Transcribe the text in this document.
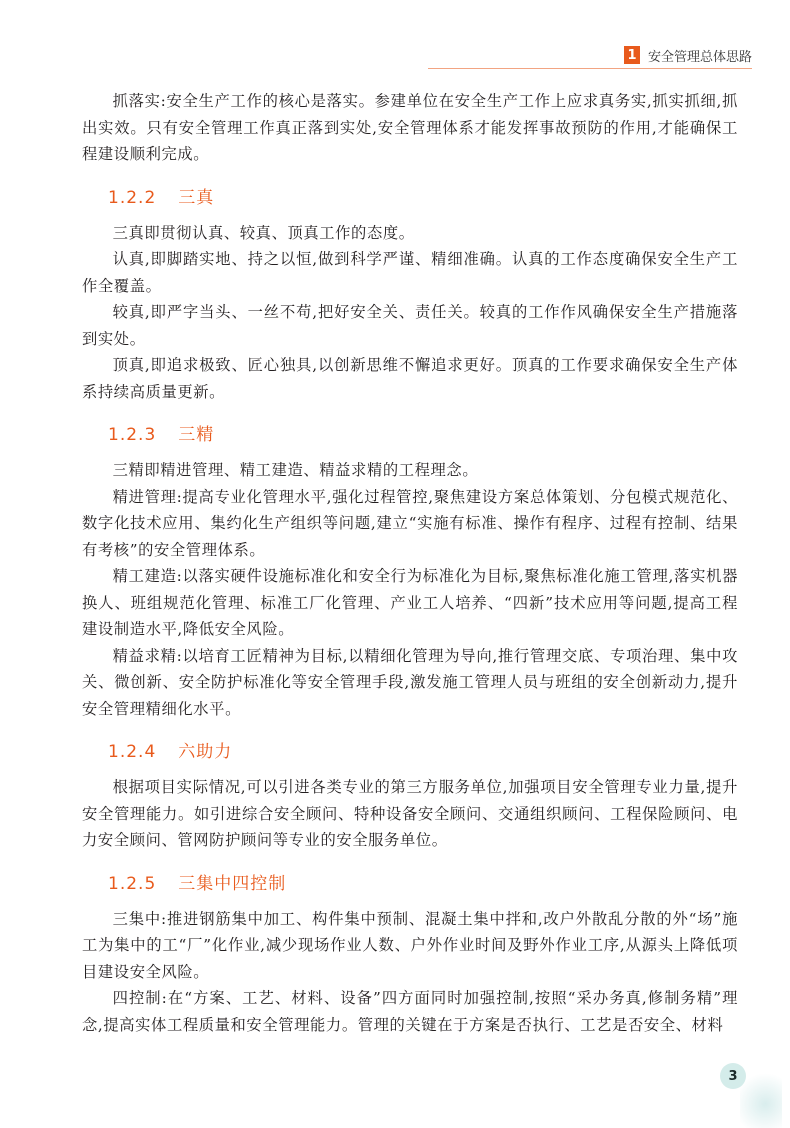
1 安全管理总体思路

抓落实:安全生产工作的核心是落实。参建单位在安全生产工作上应求真务实,抓实抓细,抓出实效。只有安全管理工作真正落到实处,安全管理体系才能发挥事故预防的作用,才能确保工程建设顺利完成。

1.2.2 三真

三真即贯彻认真、较真、顶真工作的态度。

认真,即脚踏实地、持之以恒,做到科学严谨、精细准确。认真的工作态度确保安全生产工作全覆盖。

较真,即严字当头、一丝不苟,把好安全关、责任关。较真的工作作风确保安全生产措施落到实处。

顶真,即追求极致、匠心独具,以创新思维不懈追求更好。顶真的工作要求确保安全生产体系持续高质量更新。

1.2.3 三精

三精即精进管理、精工建造、精益求精的工程理念。

精进管理:提高专业化管理水平,强化过程管控,聚焦建设方案总体策划、分包模式规范化、数字化技术应用、集约化生产组织等问题,建立“实施有标准、操作有程序、过程有控制、结果有考核”的安全管理体系。

精工建造:以落实硬件设施标准化和安全行为标准化为目标,聚焦标准化施工管理,落实机器换人、班组规范化管理、标准工厂化管理、产业工人培养、“四新”技术应用等问题,提高工程建设制造水平,降低安全风险。

精益求精:以培育工匠精神为目标,以精细化管理为导向,推行管理交底、专项治理、集中攻关、微创新、安全防护标准化等安全管理手段,激发施工管理人员与班组的安全创新动力,提升安全管理精细化水平。

1.2.4 六助力

根据项目实际情况,可以引进各类专业的第三方服务单位,加强项目安全管理专业力量,提升安全管理能力。如引进综合安全顾问、特种设备安全顾问、交通组织顾问、工程保险顾问、电力安全顾问、管网防护顾问等专业的安全服务单位。

1.2.5 三集中四控制

三集中:推进钢筋集中加工、构件集中预制、混凝土集中拌和,改户外散乱分散的外“场”施工为集中的工“厂”化作业,减少现场作业人数、户外作业时间及野外作业工序,从源头上降低项目建设安全风险。

四控制:在“方案、工艺、材料、设备”四方面同时加强控制,按照“采办务真,修制务精”理念,提高实体工程质量和安全管理能力。管理的关键在于方案是否执行、工艺是否安全、材料

3
